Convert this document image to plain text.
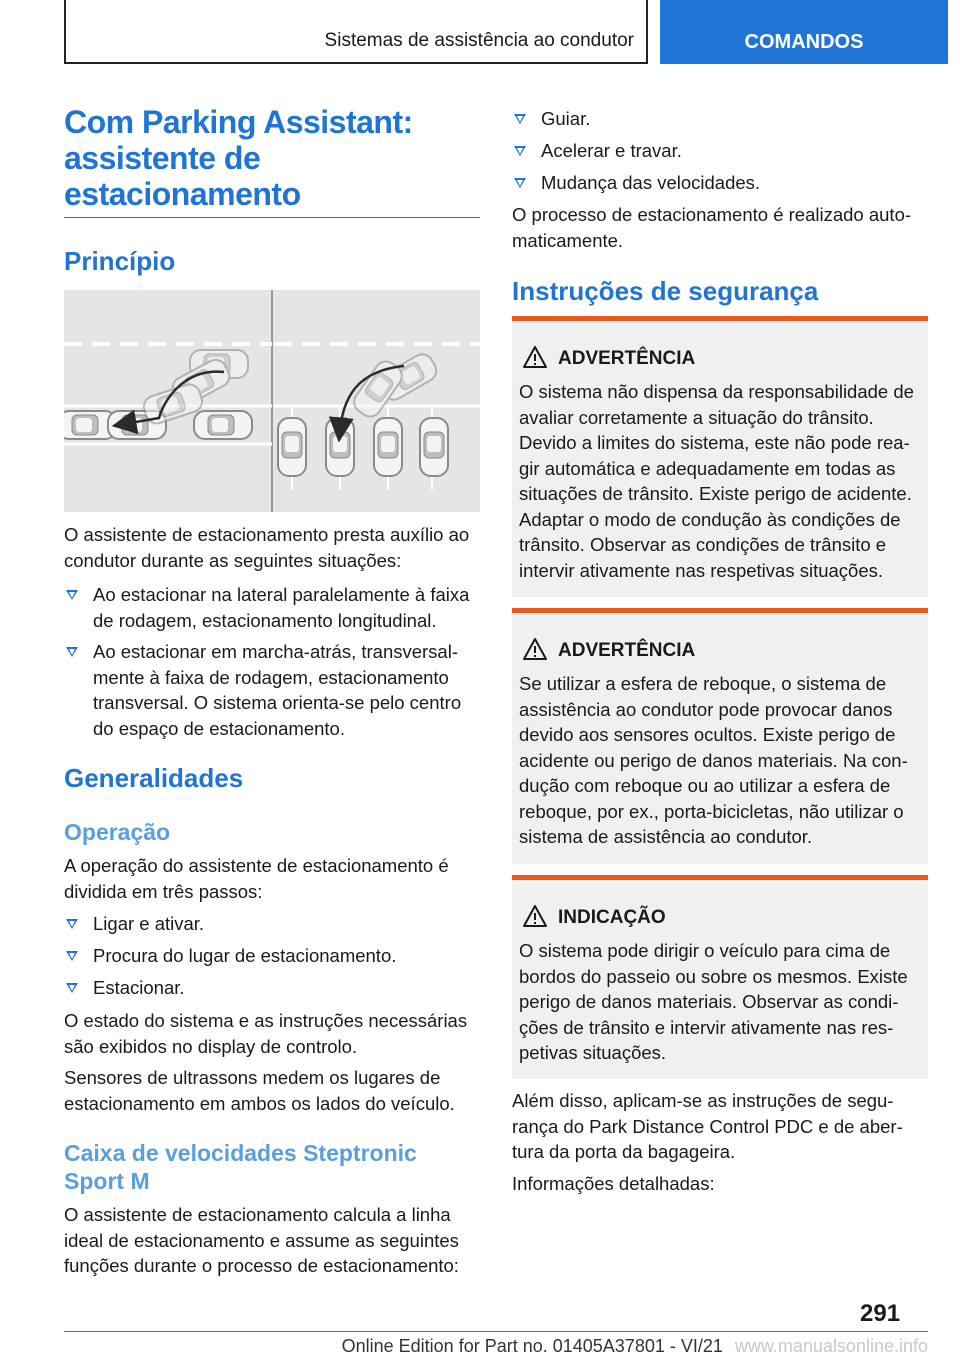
Sistemas de assistência ao condutor	COMANDOS
Com Parking Assistant: assistente de estacionamento
Princípio
O assistente de estacionamento presta auxílio ao condutor durante as seguintes situações:
Ao estacionar na lateral paralelamente à faixa de rodagem, estacionamento longitudinal.
Ao estacionar em marcha-atrás, transversal-mente à faixa de rodagem, estacionamento transversal. O sistema orienta-se pelo centro do espaço de estacionamento.
Generalidades
Operação
A operação do assistente de estacionamento é dividida em três passos:
Ligar e ativar.
Procura do lugar de estacionamento.
Estacionar.
O estado do sistema e as instruções necessárias são exibidos no display de controlo.
Sensores de ultrassons medem os lugares de estacionamento em ambos os lados do veículo.
Caixa de velocidades Steptronic Sport M
O assistente de estacionamento calcula a linha ideal de estacionamento e assume as seguintes funções durante o processo de estacionamento:
Guiar.
Acelerar e travar.
Mudança das velocidades.
O processo de estacionamento é realizado auto-maticamente.
Instruções de segurança
ADVERTÊNCIA
O sistema não dispensa da responsabilidade de avaliar corretamente a situação do trânsito. Devido a limites do sistema, este não pode rea-gir automática e adequadamente em todas as situações de trânsito. Existe perigo de acidente. Adaptar o modo de condução às condições de trânsito. Observar as condições de trânsito e intervir ativamente nas respetivas situações.
ADVERTÊNCIA
Se utilizar a esfera de reboque, o sistema de assistência ao condutor pode provocar danos devido aos sensores ocultos. Existe perigo de acidente ou perigo de danos materiais. Na con-dução com reboque ou ao utilizar a esfera de reboque, por ex., porta-bicicletas, não utilizar o sistema de assistência ao condutor.
INDICAÇÃO
O sistema pode dirigir o veículo para cima de bordos do passeio ou sobre os mesmos. Existe perigo de danos materiais. Observar as condi-ções de trânsito e intervir ativamente nas res-petivas situações.
Além disso, aplicam-se as instruções de segu-rança do Park Distance Control PDC e de aber-tura da porta da bagageira.
Informações detalhadas:
291
Online Edition for Part no. 01405A37801 - VI/21 www.manualsonline.info
